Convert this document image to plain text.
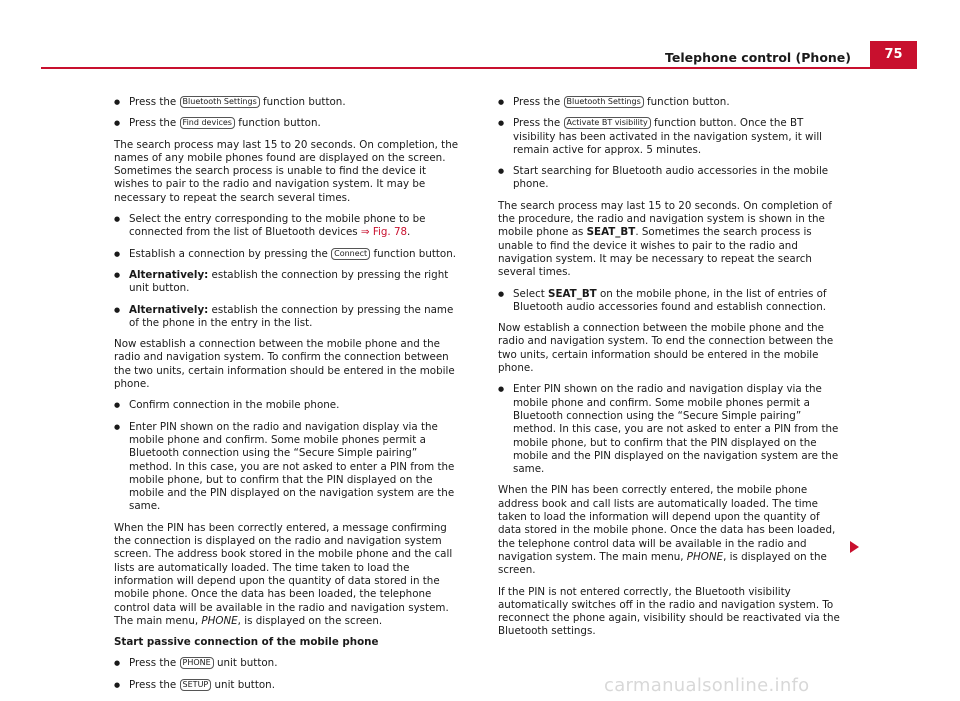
Telephone control (Phone)	75

● Press the Bluetooth Settings function button.

● Press the Find devices function button.

The search process may last 15 to 20 seconds. On completion, the names of any mobile phones found are displayed on the screen. Sometimes the search process is unable to find the device it wishes to pair to the radio and navigation system. It may be necessary to repeat the search several times.

● Select the entry corresponding to the mobile phone to be connected from the list of Bluetooth devices ⇒ Fig. 78.

● Establish a connection by pressing the Connect function button.

● Alternatively: establish the connection by pressing the right unit button.

● Alternatively: establish the connection by pressing the name of the phone in the entry in the list.

Now establish a connection between the mobile phone and the radio and navigation system. To confirm the connection between the two units, certain information should be entered in the mobile phone.

● Confirm connection in the mobile phone.

● Enter PIN shown on the radio and navigation display via the mobile phone and confirm. Some mobile phones permit a Bluetooth connection using the “Secure Simple pairing” method. In this case, you are not asked to enter a PIN from the mobile phone, but to confirm that the PIN displayed on the mobile and the PIN displayed on the navigation system are the same.

When the PIN has been correctly entered, a message confirming the connection is displayed on the radio and navigation system screen. The address book stored in the mobile phone and the call lists are automatically loaded. The time taken to load the information will depend upon the quantity of data stored in the mobile phone. Once the data has been loaded, the telephone control data will be available in the radio and navigation system. The main menu, PHONE, is displayed on the screen.

Start passive connection of the mobile phone

● Press the PHONE unit button.

● Press the SETUP unit button.

● Press the Bluetooth Settings function button.

● Press the Activate BT visibility function button. Once the BT visibility has been activated in the navigation system, it will remain active for approx. 5 minutes.

● Start searching for Bluetooth audio accessories in the mobile phone.

The search process may last 15 to 20 seconds. On completion of the procedure, the radio and navigation system is shown in the mobile phone as SEAT_BT. Sometimes the search process is unable to find the device it wishes to pair to the radio and navigation system. It may be necessary to repeat the search several times.

● Select SEAT_BT on the mobile phone, in the list of entries of Bluetooth audio accessories found and establish connection.

Now establish a connection between the mobile phone and the radio and navigation system. To end the connection between the two units, certain information should be entered in the mobile phone.

● Enter PIN shown on the radio and navigation display via the mobile phone and confirm. Some mobile phones permit a Bluetooth connection using the “Secure Simple pairing” method. In this case, you are not asked to enter a PIN from the mobile phone, but to confirm that the PIN displayed on the mobile and the PIN displayed on the navigation system are the same.

When the PIN has been correctly entered, the mobile phone address book and call lists are automatically loaded. The time taken to load the information will depend upon the quantity of data stored in the mobile phone. Once the data has been loaded, the telephone control data will be available in the radio and navigation system. The main menu, PHONE, is displayed on the screen.

If the PIN is not entered correctly, the Bluetooth visibility automatically switches off in the radio and navigation system. To reconnect the phone again, visibility should be reactivated via the Bluetooth settings.

carmanualsonline.info
